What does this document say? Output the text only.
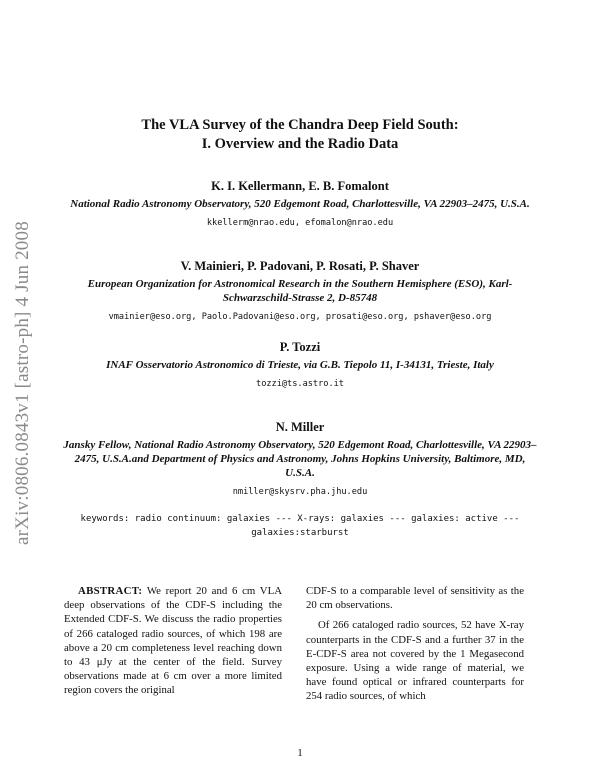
arXiv:0806.0843v1 [astro-ph] 4 Jun 2008
The VLA Survey of the Chandra Deep Field South:
I. Overview and the Radio Data
K. I. Kellermann, E. B. Fomalont
National Radio Astronomy Observatory, 520 Edgemont Road, Charlottesville, VA 22903–2475, U.S.A.
kkellerm@nrao.edu, efomalon@nrao.edu
V. Mainieri, P. Padovani, P. Rosati, P. Shaver
European Organization for Astronomical Research in the Southern Hemisphere (ESO), Karl-Schwarzschild-Strasse 2, D-85748
vmainier@eso.org, Paolo.Padovani@eso.org, prosati@eso.org, pshaver@eso.org
P. Tozzi
INAF Osservatorio Astronomico di Trieste, via G.B. Tiepolo 11, I-34131, Trieste, Italy
tozzi@ts.astro.it
N. Miller
Jansky Fellow, National Radio Astronomy Observatory, 520 Edgemont Road, Charlottesville, VA 22903–2475, U.S.A.and Department of Physics and Astronomy, Johns Hopkins University, Baltimore, MD, U.S.A.
nmiller@skysrv.pha.jhu.edu
keywords: radio continuum: galaxies --- X-rays: galaxies --- galaxies: active --- galaxies:starburst

ABSTRACT: We report 20 and 6 cm VLA deep observations of the CDF-S including the Extended CDF-S. We discuss the radio properties of 266 cataloged radio sources, of which 198 are above a 20 cm completeness level reaching down to 43 μJy at the center of the field. Survey observations made at 6 cm over a more limited region covers the original

CDF-S to a comparable level of sensitivity as the 20 cm observations.

Of 266 cataloged radio sources, 52 have X-ray counterparts in the CDF-S and a further 37 in the E-CDF-S area not covered by the 1 Megasecond exposure. Using a wide range of material, we have found optical or infrared counterparts for 254 radio sources, of which

1
